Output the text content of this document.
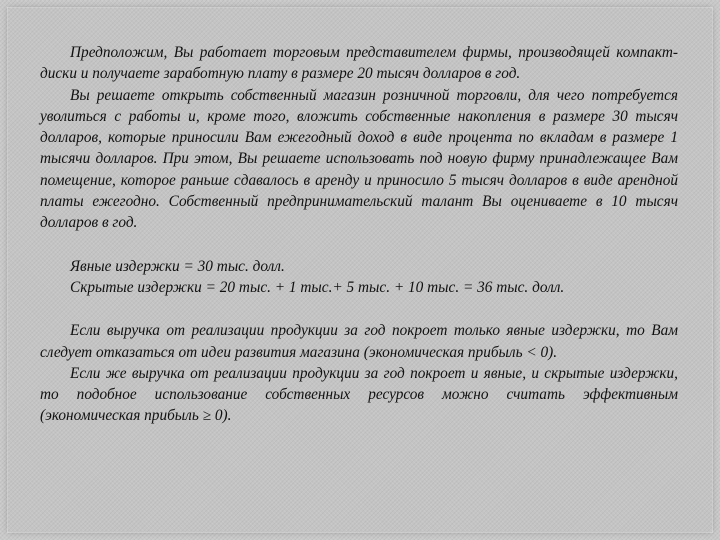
Предположим, Вы работает торговым представителем фирмы, производящей компакт-диски и получаете заработную плату в размере 20 тысяч долларов в год.

Вы решаете открыть собственный магазин розничной торговли, для чего потребуется уволиться с работы и, кроме того, вложить собственные накопления в размере 30 тысяч долларов, которые приносили Вам ежегодный доход в виде процента по вкладам в размере 1 тысячи долларов. При этом, Вы решаете использовать под новую фирму принадлежащее Вам помещение, которое раньше сдавалось в аренду и приносило 5 тысяч долларов в виде арендной платы ежегодно. Собственный предпринимательский талант Вы оцениваете в 10 тысяч долларов в год.

Явные издержки = 30 тыс. долл.

Скрытые издержки = 20 тыс. + 1 тыс.+ 5 тыс. + 10 тыс. = 36 тыс. долл.

Если выручка от реализации продукции за год покроет только явные издержки, то Вам следует отказаться от идеи развития магазина (экономическая прибыль < 0).

Если же выручка от реализации продукции за год покроет и явные, и скрытые издержки, то подобное использование собственных ресурсов можно считать эффективным (экономическая прибыль ≥ 0).
